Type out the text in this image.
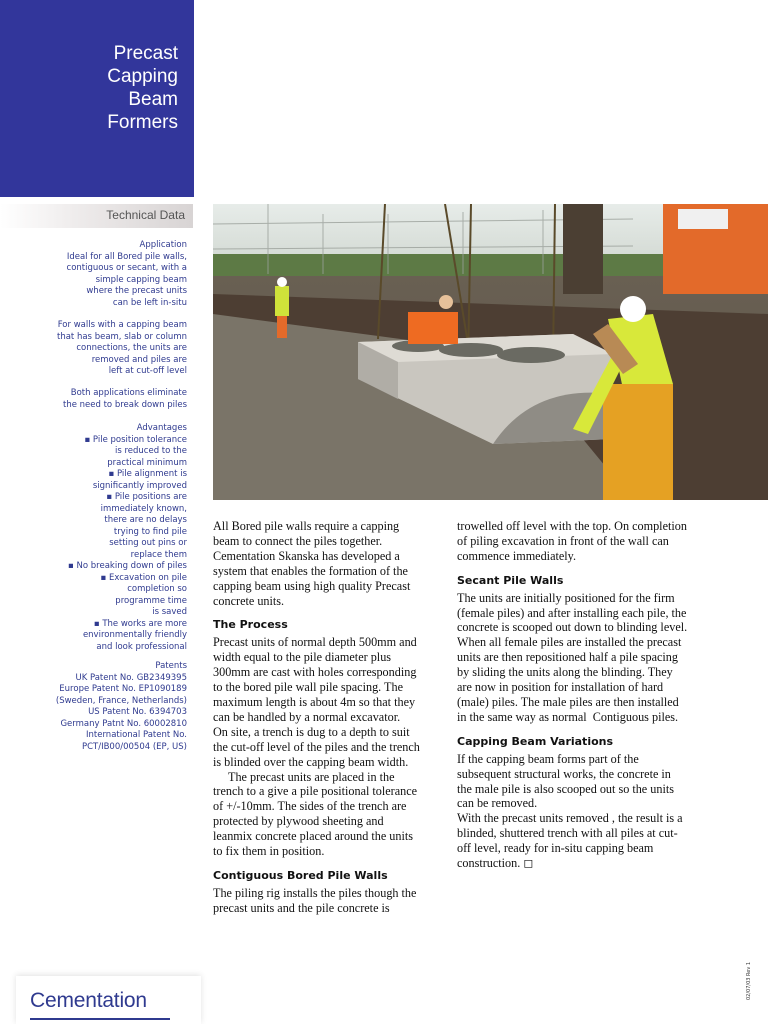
Precast
Capping
Beam
Formers
Technical Data
Application
Ideal for all Bored pile walls,
contiguous or secant, with a
simple capping beam
where the precast units
can be left in-situ
For walls with a capping beam
that has beam, slab or column
connections, the units are
removed and piles are
left at cut-off level
Both applications eliminate
the need to break down piles
Advantages
▪ Pile position tolerance
is reduced to the
practical minimum
▪ Pile alignment is
significantly improved
▪ Pile positions are
immediately known,
there are no delays
trying to find pile
setting out pins or
replace them
▪ No breaking down of piles
▪ Excavation on pile
completion so
programme time
is saved
▪ The works are more
environmentally friendly
and look professional
Patents
UK Patent No. GB2349395
Europe Patent No. EP1090189
(Sweden, France, Netherlands)
US Patent No. 6394703
Germany Patnt No. 60002810
International Patent No.
PCT/IB00/00504 (EP, US)
All Bored pile walls require a capping
beam to connect the piles together.
Cementation Skanska has developed a
system that enables the formation of the
capping beam using high quality Precast
concrete units.
The Process
Precast units of normal depth 500mm and
width equal to the pile diameter plus
300mm are cast with holes corresponding
to the bored pile wall pile spacing. The
maximum length is about 4m so that they
can be handled by a normal excavator.
On site, a trench is dug to a depth to suit
the cut-off level of the piles and the trench
is blinded over the capping beam width.
The precast units are placed in the
trench to a give a pile positional tolerance
of +/-10mm. The sides of the trench are
protected by plywood sheeting and
leanmix concrete placed around the units
to fix them in position.
Contiguous Bored Pile Walls
The piling rig installs the piles though the
precast units and the pile concrete is
trowelled off level with the top. On completion
of piling excavation in front of the wall can
commence immediately.
Secant Pile Walls
The units are initially positioned for the firm
(female piles) and after installing each pile, the
concrete is scooped out down to blinding level.
When all female piles are installed the precast
units are then repositioned half a pile spacing
by sliding the units along the blinding. They
are now in position for installation of hard
(male) piles. The male piles are then installed
in the same way as normal  Contiguous piles.
Capping Beam Variations
If the capping beam forms part of the
subsequent structural works, the concrete in
the male pile is also scooped out so the units
can be removed.
With the precast units removed , the result is a
blinded, shuttered trench with all piles at cut-
off level, ready for in-situ capping beam
construction. ◻
Cementation
02/07/03 Rev 1
